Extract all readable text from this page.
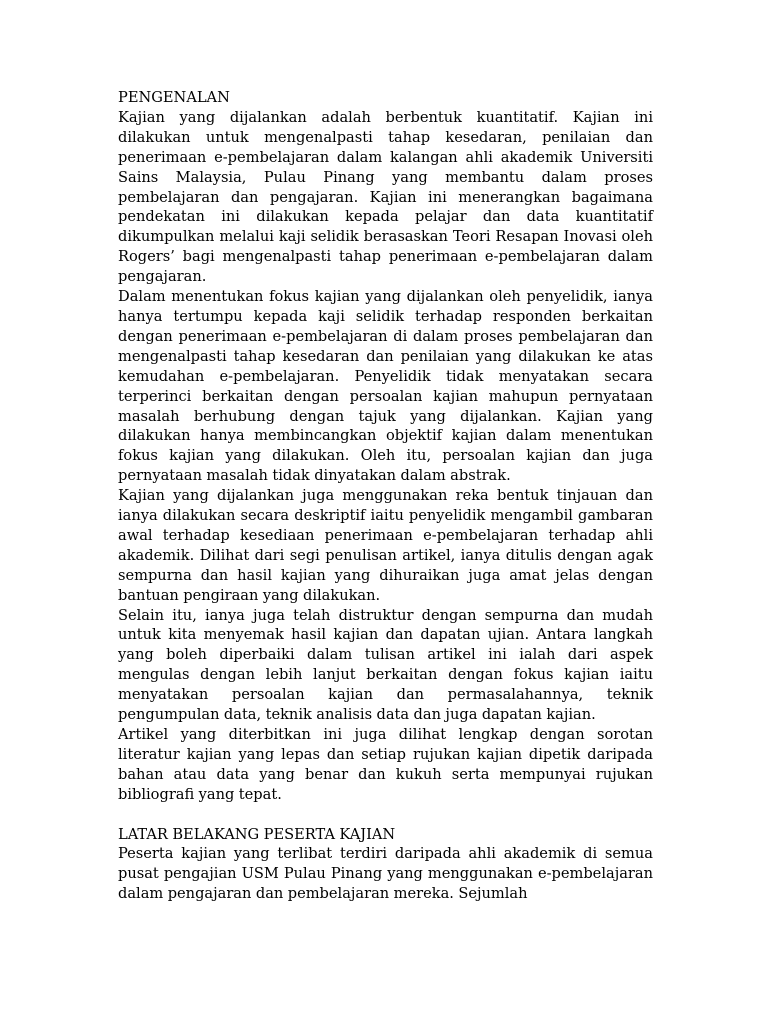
PENGENALAN

Kajian yang dijalankan adalah berbentuk kuantitatif. Kajian ini dilakukan untuk mengenalpasti tahap kesedaran, penilaian dan penerimaan e-pembelajaran dalam kalangan ahli akademik Universiti Sains Malaysia, Pulau Pinang yang membantu dalam proses pembelajaran dan pengajaran. Kajian ini menerangkan bagaimana pendekatan ini dilakukan kepada pelajar dan data kuantitatif dikumpulkan melalui kaji selidik berasaskan Teori Resapan Inovasi oleh Rogers’ bagi mengenalpasti tahap penerimaan e-pembelajaran dalam pengajaran.

Dalam menentukan fokus kajian yang dijalankan oleh penyelidik, ianya hanya tertumpu kepada kaji selidik terhadap responden berkaitan dengan penerimaan e-pembelajaran di dalam proses pembelajaran dan mengenalpasti tahap kesedaran dan penilaian yang dilakukan ke atas kemudahan e-pembelajaran. Penyelidik tidak menyatakan secara terperinci berkaitan dengan persoalan kajian mahupun pernyataan masalah berhubung dengan tajuk yang dijalankan. Kajian yang dilakukan hanya membincangkan objektif kajian dalam menentukan fokus kajian yang dilakukan. Oleh itu, persoalan kajian dan juga pernyataan masalah tidak dinyatakan dalam abstrak.

Kajian yang dijalankan juga menggunakan reka bentuk tinjauan dan ianya dilakukan secara deskriptif iaitu penyelidik mengambil gambaran awal terhadap kesediaan penerimaan e-pembelajaran terhadap ahli akademik. Dilihat dari segi penulisan artikel, ianya ditulis dengan agak sempurna dan hasil kajian yang dihuraikan juga amat jelas dengan bantuan pengiraan yang dilakukan.

Selain itu, ianya juga telah distruktur dengan sempurna dan mudah untuk kita menyemak hasil kajian dan dapatan ujian. Antara langkah yang boleh diperbaiki dalam tulisan artikel ini ialah dari aspek mengulas dengan lebih lanjut berkaitan dengan fokus kajian iaitu menyatakan persoalan kajian dan permasalahannya, teknik pengumpulan data, teknik analisis data dan juga dapatan kajian.

Artikel yang diterbitkan ini juga dilihat lengkap dengan sorotan literatur kajian yang lepas dan setiap rujukan kajian dipetik daripada bahan atau data yang benar dan kukuh serta mempunyai rujukan bibliografi yang tepat.

LATAR BELAKANG PESERTA KAJIAN

Peserta kajian yang terlibat terdiri daripada ahli akademik di semua pusat pengajian USM Pulau Pinang yang menggunakan e-pembelajaran dalam pengajaran dan pembelajaran mereka. Sejumlah
